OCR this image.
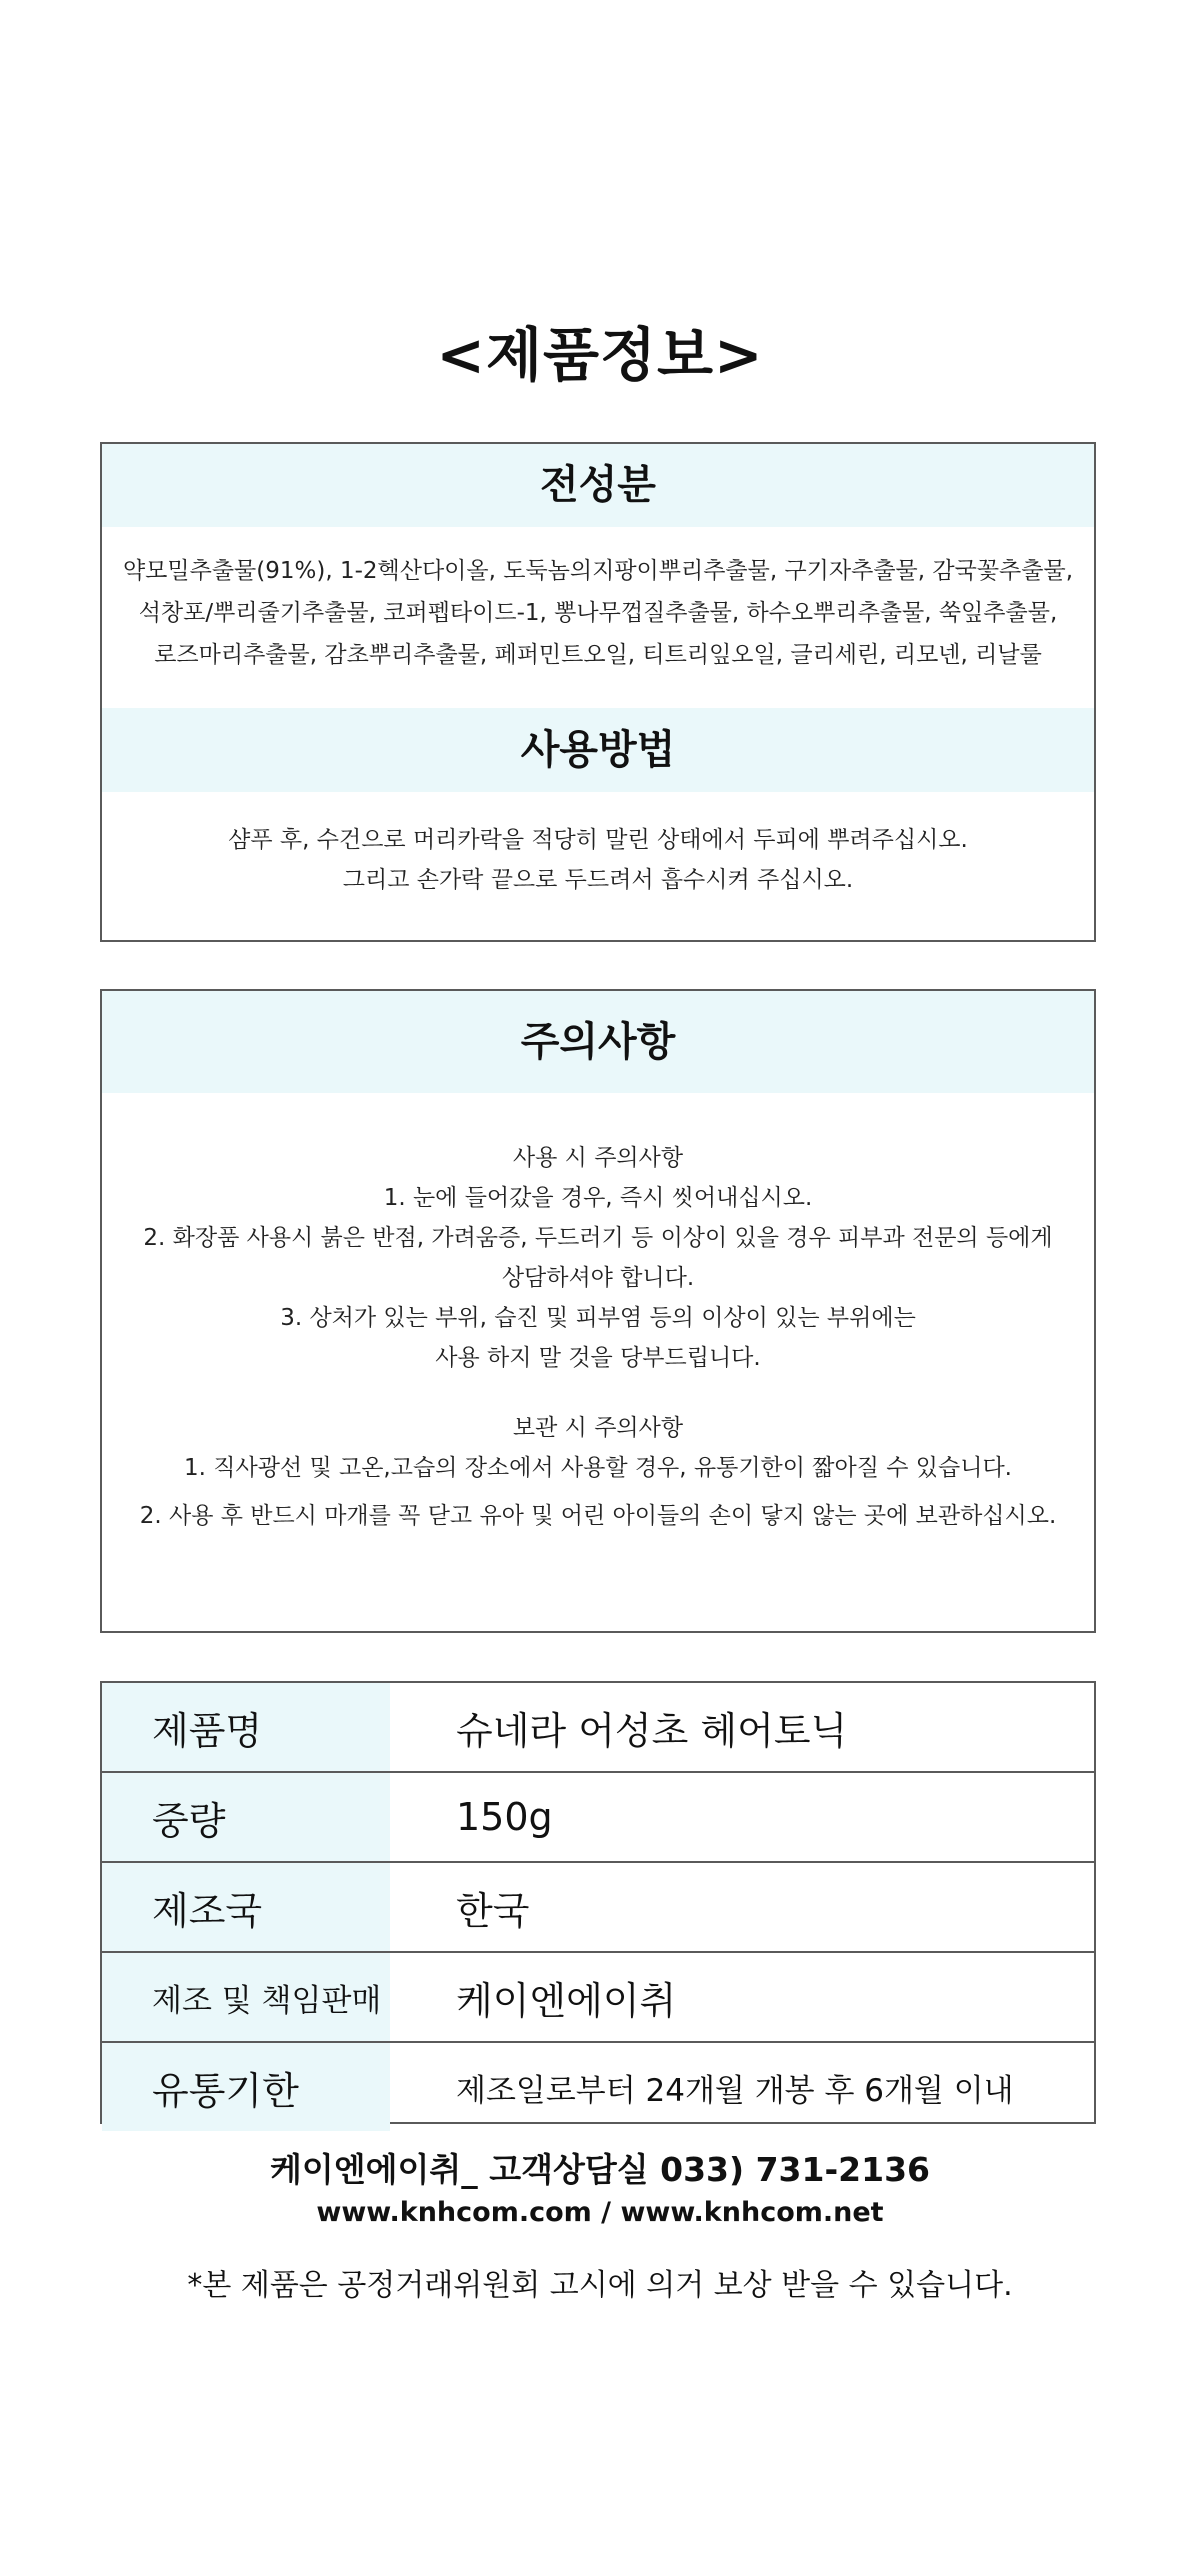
<제품정보>
전성분
약모밀추출물(91%), 1-2헥산다이올, 도둑놈의지팡이뿌리추출물, 구기자추출물, 감국꽃추출물,
석창포/뿌리줄기추출물, 코퍼펩타이드-1, 뽕나무껍질추출물, 하수오뿌리추출물, 쑥잎추출물,
로즈마리추출물, 감초뿌리추출물, 페퍼민트오일, 티트리잎오일, 글리세린, 리모넨, 리날룰
사용방법
샴푸 후, 수건으로 머리카락을 적당히 말린 상태에서 두피에 뿌려주십시오.
그리고 손가락 끝으로 두드려서 흡수시켜 주십시오.
주의사항
사용 시 주의사항
1. 눈에 들어갔을 경우, 즉시 씻어내십시오.
2. 화장품 사용시 붉은 반점, 가려움증, 두드러기 등 이상이 있을 경우 피부과 전문의 등에게
상담하셔야 합니다.
3. 상처가 있는 부위, 습진 및 피부염 등의 이상이 있는 부위에는
사용 하지 말 것을 당부드립니다.
보관 시 주의사항
1. 직사광선 및 고온,고습의 장소에서 사용할 경우, 유통기한이 짧아질 수 있습니다.
2. 사용 후 반드시 마개를 꼭 닫고 유아 및 어린 아이들의 손이 닿지 않는 곳에 보관하십시오.
제품명	슈네라 어성초 헤어토닉
중량	150g
제조국	한국
제조 및 책임판매	케이엔에이취
유통기한	제조일로부터 24개월 개봉 후 6개월 이내
케이엔에이취_ 고객상담실 033) 731-2136
www.knhcom.com / www.knhcom.net
*본 제품은 공정거래위원회 고시에 의거 보상 받을 수 있습니다.
